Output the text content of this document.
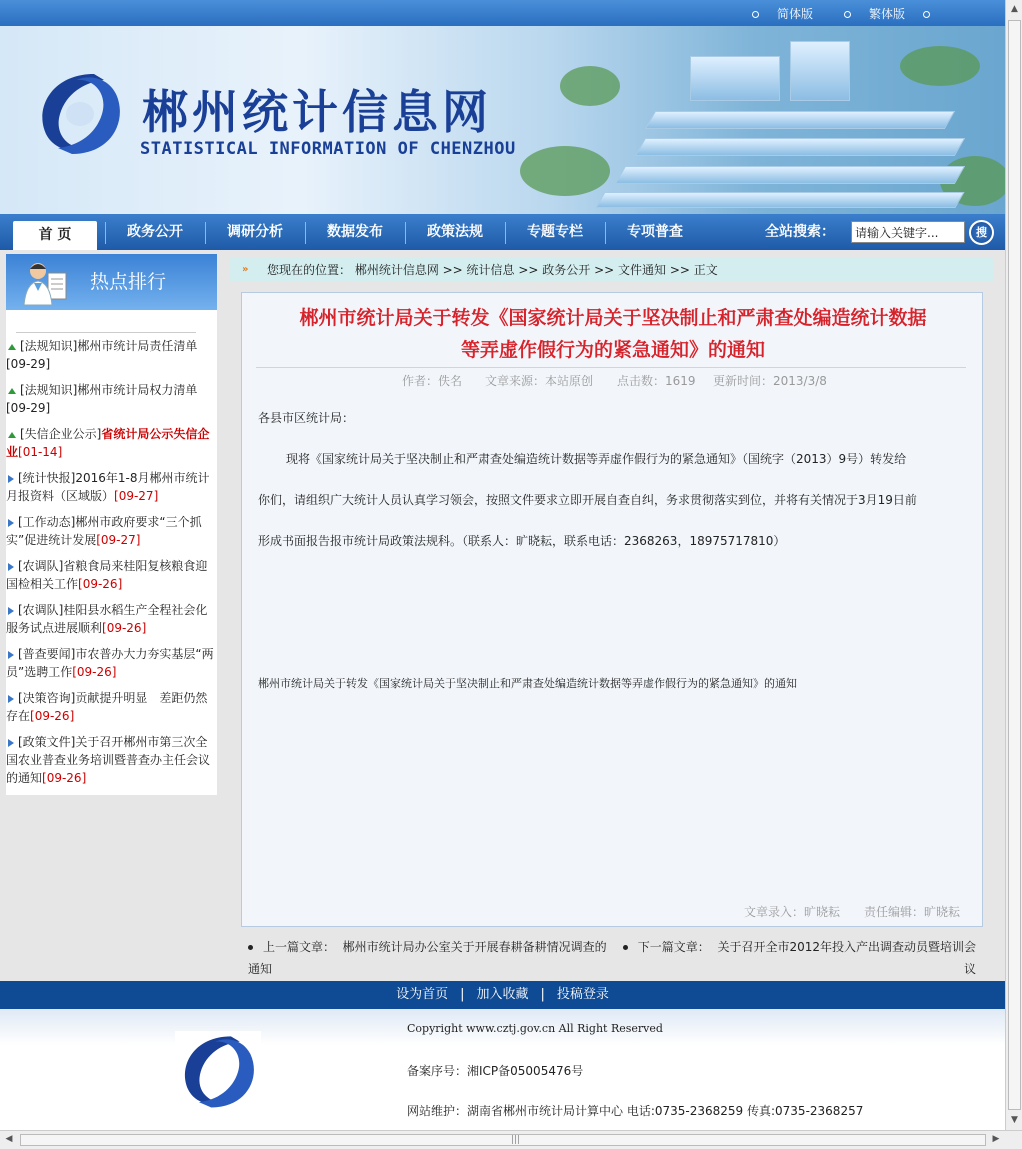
简体版	繁体版
郴州统计信息网
STATISTICAL INFORMATION OF CHENZHOU
首 页	政务公开	调研分析	数据发布	政策法规	专题专栏	专项普查	全站搜索：
请输入关键字...	搜
热点排行
[法规知识]郴州市统计局责任清单
[09-29]
[法规知识]郴州市统计局权力清单
[09-29]
[失信企业公示]省统计局公示失信企业[01-14]
[统计快报]2016年1-8月郴州市统计月报资料（区域版）[09-27]
[工作动态]郴州市政府要求“三个抓实”促进统计发展[09-27]
[农调队]省粮食局来桂阳复核粮食迎国检相关工作[09-26]
[农调队]桂阳县水稻生产全程社会化服务试点进展顺利[09-26]
[普查要闻]市农普办大力夯实基层“两员”选聘工作[09-26]
[决策咨询]贡献提升明显　差距仍然存在[09-26]
[政策文件]关于召开郴州市第三次全国农业普查业务培训暨普查办主任会议的通知[09-26]
» 您现在的位置： 郴州统计信息网 >> 统计信息 >> 政务公开 >> 文件通知 >> 正文
郴州市统计局关于转发《国家统计局关于坚决制止和严肃查处编造统计数据
等弄虚作假行为的紧急通知》的通知
作者：佚名 文章来源：本站原创 点击数：1619 更新时间：2013/3/8
各县市区统计局：
现将《国家统计局关于坚决制止和严肃查处编造统计数据等弄虚作假行为的紧急通知》（国统字（2013）9号）转发给
你们，请组织广大统计人员认真学习领会，按照文件要求立即开展自查自纠，务求贯彻落实到位，并将有关情况于3月19日前
形成书面报告报市统计局政策法规科。（联系人：旷晓耘，联系电话：2368263，18975717810）
郴州市统计局关于转发《国家统计局关于坚决制止和严肃查处编造统计数据等弄虚作假行为的紧急通知》的通知
文章录入：旷晓耘 责任编辑：旷晓耘
上一篇文章： 郴州市统计局办公室关于开展春耕备耕情况调查的
通知
下一篇文章： 关于召开全市2012年投入产出调查动员暨培训会议

设为首页 | 加入收藏 | 投稿登录
Copyright www.cztj.gov.cn All Right Reserved
备案序号：湘ICP备05005476号
网站维护：湖南省郴州市统计局计算中心 电话:0735-2368259 传真:0735-2368257
▲
▼
◀	|||	▶
